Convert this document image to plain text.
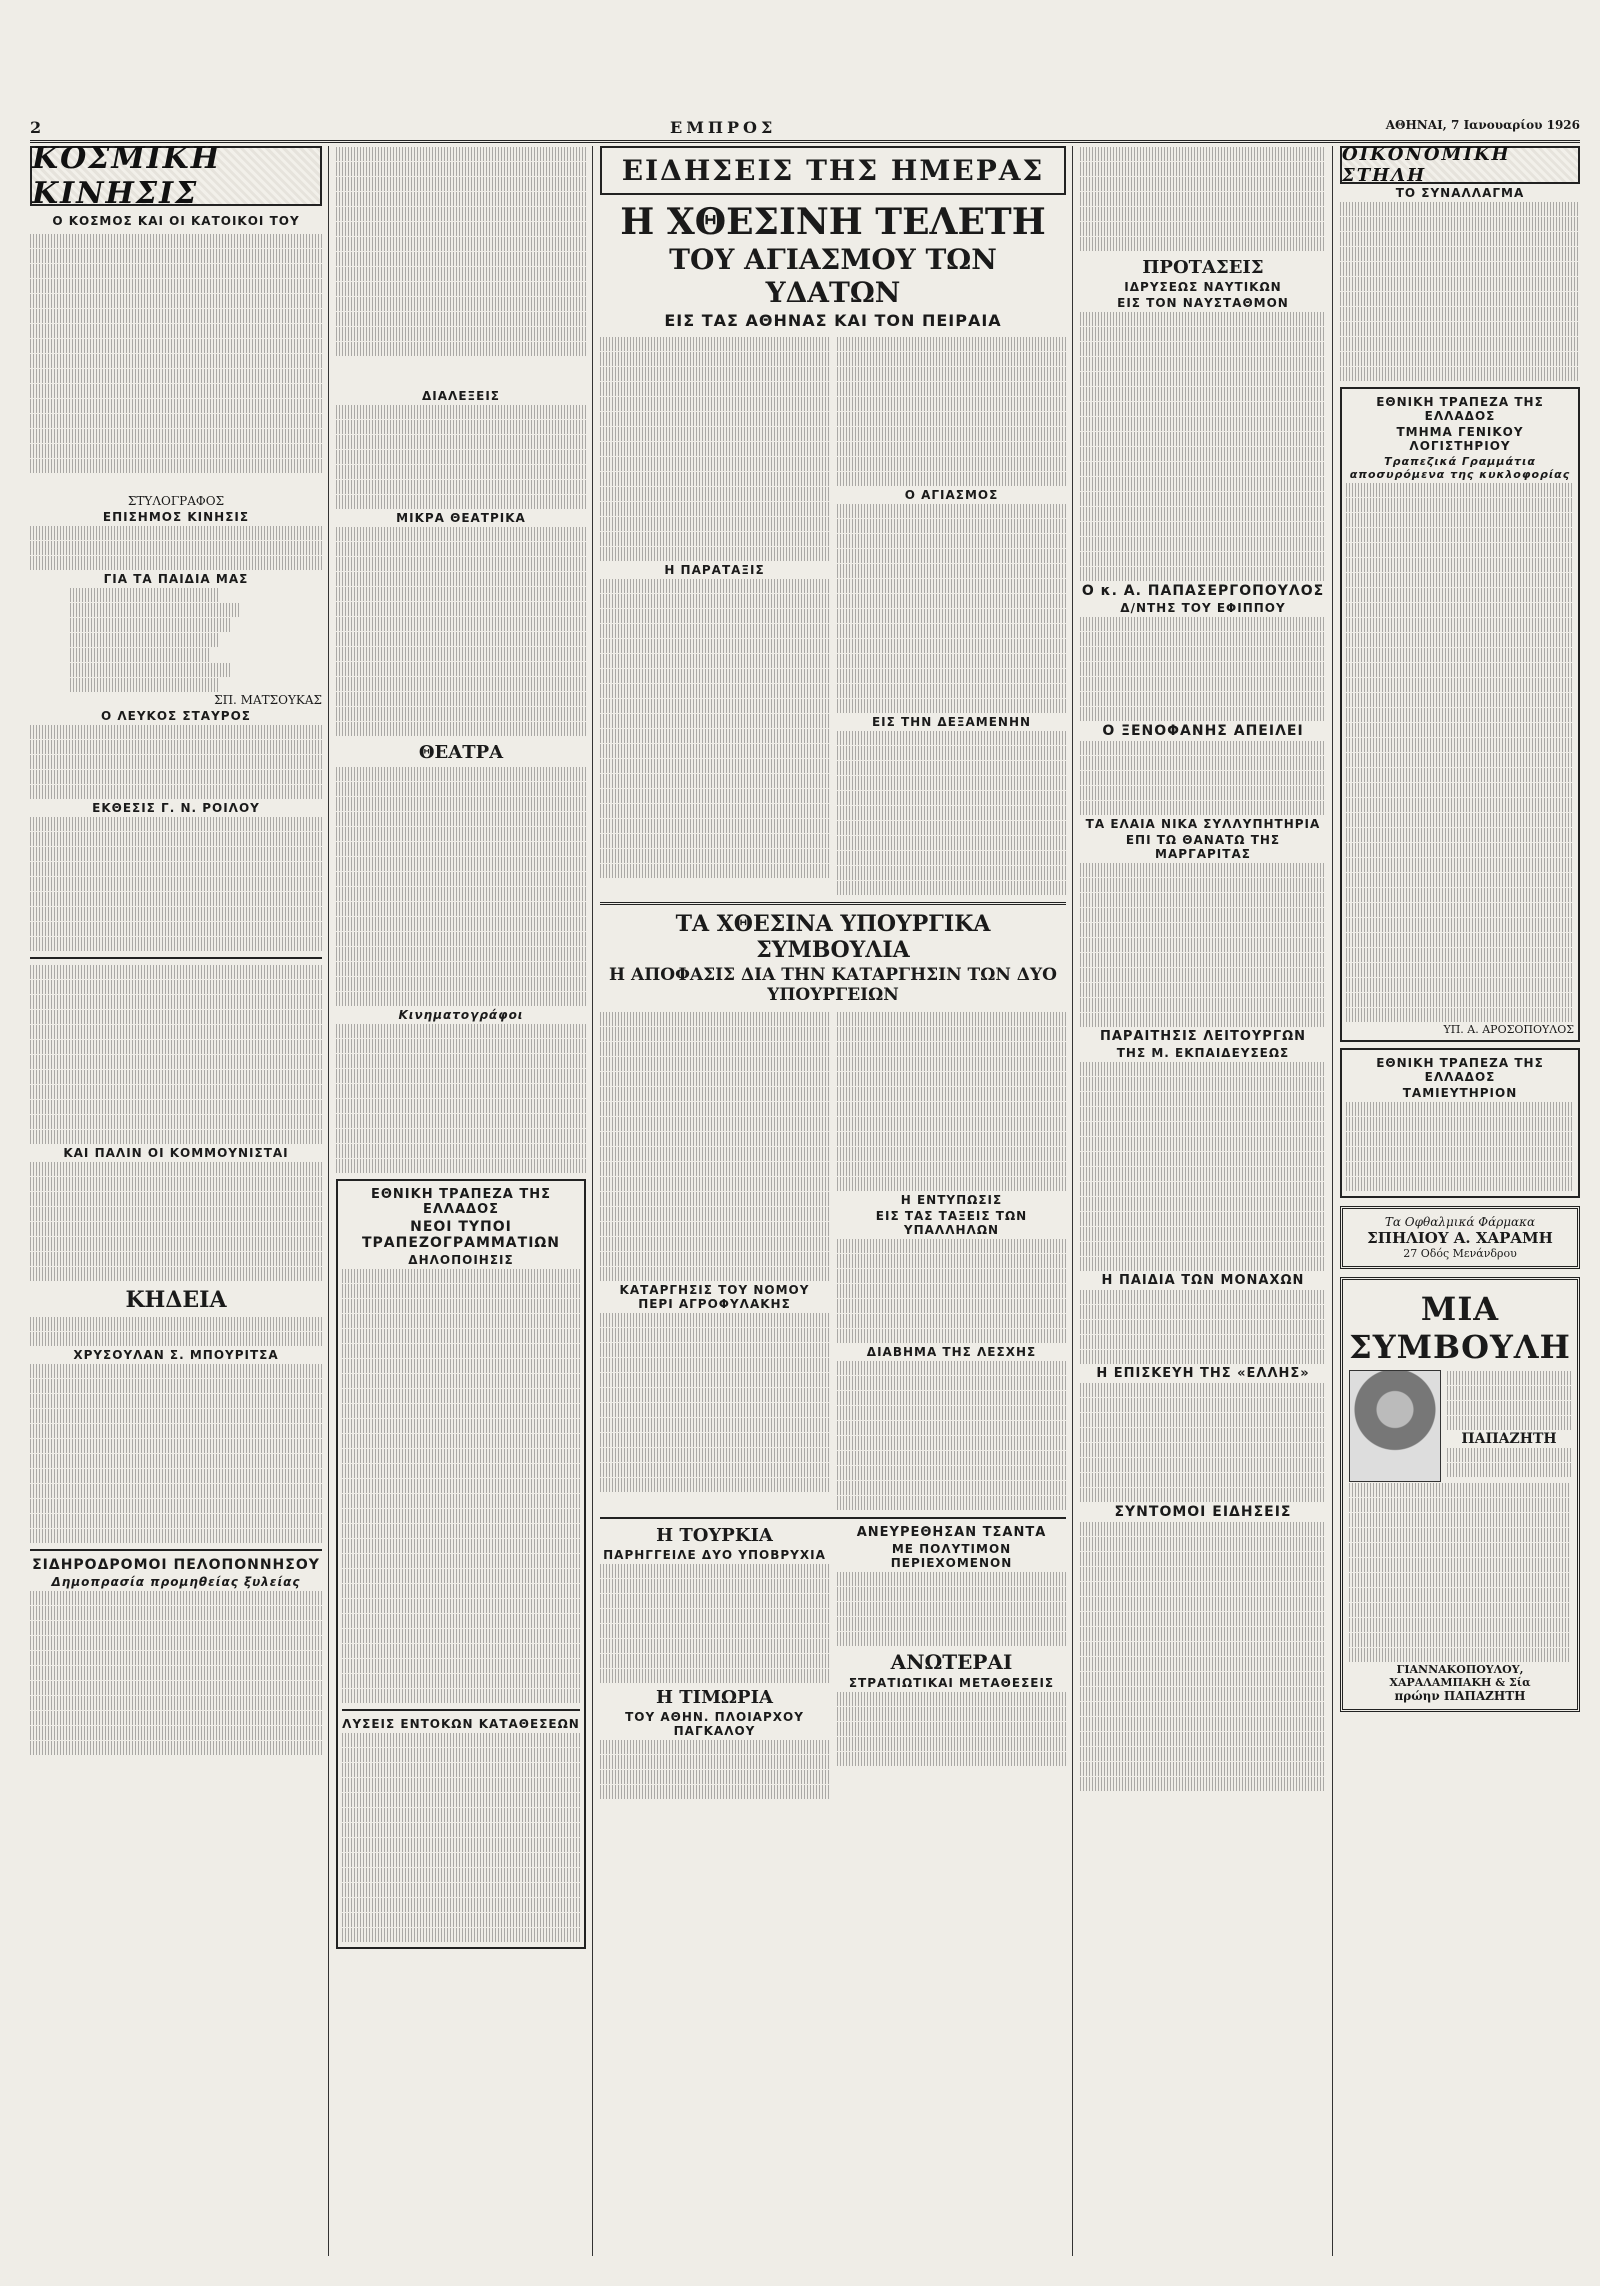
2	ΕΜΠΡΟΣ	ΑΘΗΝΑΙ, 7 Ιανουαρίου 1926
ΚΟΣΜΙΚΗ ΚΙΝΗΣΙΣ
Ο ΚΟΣΜΟΣ ΚΑΙ ΟΙ ΚΑΤΟΙΚΟΙ ΤΟΥ
ΣΤΥΛΟΓΡΑΦΟΣ
ΕΠΙΣΗΜΟΣ ΚΙΝΗΣΙΣ
ΓΙΑ ΤΑ ΠΑΙΔΙΑ ΜΑΣ
ΣΠ. ΜΑΤΣΟΥΚΑΣ
Ο ΛΕΥΚΟΣ ΣΤΑΥΡΟΣ
ΕΚΘΕΣΙΣ Γ. Ν. ΡΟΙΛΟΥ
ΚΑΙ ΠΑΛΙΝ ΟΙ ΚΟΜΜΟΥΝΙΣΤΑΙ
ΚΗΔΕΙΑ
ΧΡΥΣΟΥΛΑΝ Σ. ΜΠΟΥΡΙΤΣΑ
ΣΙΔΗΡΟΔΡΟΜΟΙ ΠΕΛΟΠΟΝΝΗΣΟΥ
Δημοπρασία προμηθείας ξυλείας
ΔΙΑΛΕΞΕΙΣ
ΜΙΚΡΑ ΘΕΑΤΡΙΚΑ
ΘΕΑΤΡΑ
Κινηματογράφοι
ΕΘΝΙΚΗ ΤΡΑΠΕΖΑ ΤΗΣ ΕΛΛΑΔΟΣ
ΝΕΟΙ ΤΥΠΟΙ ΤΡΑΠΕΖΟΓΡΑΜΜΑΤΙΩΝ
ΔΗΛΟΠΟΙΗΣΙΣ
ΛΥΣΕΙΣ ΕΝΤΟΚΩΝ ΚΑΤΑΘΕΣΕΩΝ
ΕΙΔΗΣΕΙΣ ΤΗΣ ΗΜΕΡΑΣ
Η ΧΘΕΣΙΝΗ ΤΕΛΕΤΗ
ΤΟΥ ΑΓΙΑΣΜΟΥ ΤΩΝ ΥΔΑΤΩΝ
ΕΙΣ ΤΑΣ ΑΘΗΝΑΣ ΚΑΙ ΤΟΝ ΠΕΙΡΑΙΑ
Η ΠΑΡΑΤΑΞΙΣ
Ο ΑΓΙΑΣΜΟΣ
ΕΙΣ ΤΗΝ ΔΕΞΑΜΕΝΗΝ
ΤΑ ΧΘΕΣΙΝΑ ΥΠΟΥΡΓΙΚΑ ΣΥΜΒΟΥΛΙΑ
Η ΑΠΟΦΑΣΙΣ ΔΙΑ ΤΗΝ ΚΑΤΑΡΓΗΣΙΝ ΤΩΝ ΔΥΟ ΥΠΟΥΡΓΕΙΩΝ
ΚΑΤΑΡΓΗΣΙΣ ΤΟΥ ΝΟΜΟΥ ΠΕΡΙ ΑΓΡΟΦΥΛΑΚΗΣ
Η ΕΝΤΥΠΩΣΙΣ
ΕΙΣ ΤΑΣ ΤΑΞΕΙΣ ΤΩΝ ΥΠΑΛΛΗΛΩΝ
ΔΙΑΒΗΜΑ ΤΗΣ ΛΕΣΧΗΣ
Η ΤΟΥΡΚΙΑ
ΠΑΡΗΓΓΕΙΛΕ ΔΥΟ ΥΠΟΒΡΥΧΙΑ
Η ΤΙΜΩΡΙΑ
ΤΟΥ ΑΘΗΝ. ΠΛΟΙΑΡΧΟΥ ΠΑΓΚΑΛΟΥ
ΑΝΕΥΡΕΘΗΣΑΝ ΤΣΑΝΤΑ
ΜΕ ΠΟΛΥΤΙΜΟΝ ΠΕΡΙΕΧΟΜΕΝΟΝ
ΑΝΩΤΕΡΑΙ
ΣΤΡΑΤΙΩΤΙΚΑΙ ΜΕΤΑΘΕΣΕΙΣ
ΠΡΟΤΑΣΕΙΣ
ΙΔΡΥΣΕΩΣ ΝΑΥΤΙΚΩΝ
ΕΙΣ ΤΟΝ ΝΑΥΣΤΑΘΜΟΝ
Ο κ. Α. ΠΑΠΑΣΕΡΓΟΠΟΥΛΟΣ
Δ/ΝΤΗΣ ΤΟΥ ΕΦΙΠΠΟΥ
Ο ΞΕΝΟΦΑΝΗΣ ΑΠΕΙΛΕΙ
ΤΑ ΕΛΑΙΑ ΝΙΚΑ ΣΥΛΛΥΠΗΤΗΡΙΑ
ΕΠΙ ΤΩ ΘΑΝΑΤΩ ΤΗΣ ΜΑΡΓΑΡΙΤΑΣ
ΠΑΡΑΙΤΗΣΙΣ ΛΕΙΤΟΥΡΓΩΝ
ΤΗΣ Μ. ΕΚΠΑΙΔΕΥΣΕΩΣ
Η ΠΑΙΔΙΑ ΤΩΝ ΜΟΝΑΧΩΝ
Η ΕΠΙΣΚΕΥΗ ΤΗΣ «ΕΛΛΗΣ»
ΣΥΝΤΟΜΟΙ ΕΙΔΗΣΕΙΣ
ΟΙΚΟΝΟΜΙΚΗ ΣΤΗΛΗ
ΤΟ ΣΥΝΑΛΛΑΓΜΑ
ΕΘΝΙΚΗ ΤΡΑΠΕΖΑ ΤΗΣ ΕΛΛΑΔΟΣ
ΤΜΗΜΑ ΓΕΝΙΚΟΥ ΛΟΓΙΣΤΗΡΙΟΥ
Τραπεζικά Γραμμάτια αποσυρόμενα της κυκλοφορίας
ΥΠ. Α. ΑΡΟΣΟΠΟΥΛΟΣ
ΕΘΝΙΚΗ ΤΡΑΠΕΖΑ ΤΗΣ ΕΛΛΑΔΟΣ
ΤΑΜΙΕΥΤΗΡΙΟΝ
Τα Οφθαλμικά Φάρμακα
ΣΠΗΛΙΟΥ Α. ΧΑΡΑΜΗ
27 Οδός Μενάνδρου
ΜΙΑ ΣΥΜΒΟΥΛΗ
ΠΑΠΑΖΗΤΗ
ΓΙΑΝΝΑΚΟΠΟΥΛΟΥ, ΧΑΡΑΛΑΜΠΑΚΗ & Σία
πρώην ΠΑΠΑΖΗΤΗ
